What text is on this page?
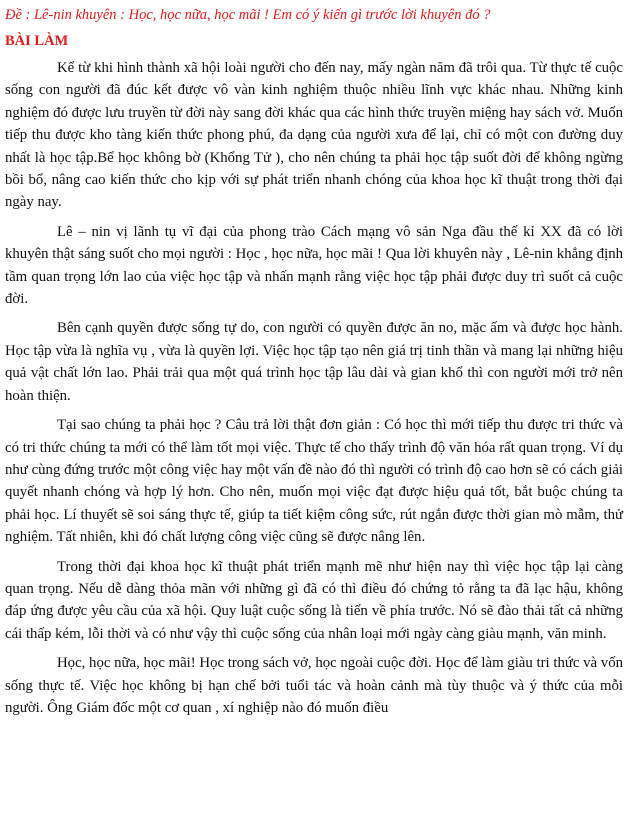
Đề : Lê-nin khuyên : Học, học nữa, học mãi ! Em có ý kiến gì trước lời khuyên đó ?
BÀI LÀM

Kể từ khi hình thành xã hội loài người cho đến nay, mấy ngàn năm đã trôi qua. Từ thực tế cuộc sống con người đã đúc kết được vô vàn kinh nghiệm thuộc nhiều lĩnh vực khác nhau. Những kinh nghiệm đó được lưu truyền từ đời này sang đời khác qua các hình thức truyền miệng hay sách vở. Muốn tiếp thu được kho tàng kiến thức phong phú, đa dạng của người xưa để lại, chỉ có một con đường duy nhất là học tập.Bể học không bờ (Khổng Tử ), cho nên chúng ta phải học tập suốt đời để không ngừng bồi bổ, nâng cao kiến thức cho kịp với sự phát triển nhanh chóng của khoa học kĩ thuật trong thời đại ngày nay.

Lê – nin vị lãnh tụ vĩ đại của phong trào Cách mạng vô sản Nga đầu thế kỉ XX đã có lời khuyên thật sáng suốt cho mọi người : Học , học nữa, học mãi ! Qua lời khuyên này , Lê-nin khẳng định tầm quan trọng lớn lao của việc học tập và nhấn mạnh rằng việc học tập phải được duy trì suốt cả cuộc đời.

Bên cạnh quyền được sống tự do, con người có quyền được ăn no, mặc ấm và được học hành. Học tập vừa là nghĩa vụ , vừa là quyền lợi. Việc học tập tạo nên giá trị tinh thần và mang lại những hiệu quả vật chất lớn lao. Phải trải qua một quá trình học tập lâu dài và gian khổ thì con người mới trở nên hoàn thiện.

Tại sao chúng ta phải học ? Câu trả lời thật đơn giản : Có học thì mới tiếp thu được tri thức và có tri thức chúng ta mới có thể làm tốt mọi việc. Thực tế cho thấy trình độ văn hóa rất quan trọng. Ví dụ như cùng đứng trước một công việc hay một vấn đề nào đó thì người có trình độ cao hơn sẽ có cách giải quyết nhanh chóng và hợp lý hơn. Cho nên, muốn mọi việc đạt được hiệu quả tốt, bắt buộc chúng ta phải học. Lí thuyết sẽ soi sáng thực tế, giúp ta tiết kiệm công sức, rút ngắn được thời gian mò mẫm, thử nghiệm. Tất nhiên, khi đó chất lượng công việc cũng sẽ được nâng lên.

Trong thời đại khoa học kĩ thuật phát triển mạnh mẽ như hiện nay thì việc học tập lại càng quan trọng. Nếu dễ dàng thỏa mãn với những gì đã có thì điều đó chứng tỏ rằng ta đã lạc hậu, không đáp ứng được yêu cầu của xã hội. Quy luật cuộc sống là tiến về phía trước. Nó sẽ đào thải tất cả những cái thấp kém, lỗi thời và có như vậy thì cuộc sống của nhân loại mới ngày càng giàu mạnh, văn minh.

Học, học nữa, học mãi! Học trong sách vở, học ngoài cuộc đời. Học để làm giàu tri thức và vốn sống thực tế. Việc học không bị hạn chế bởi tuổi tác và hoàn cảnh mà tùy thuộc và ý thức của mỗi người. Ông Giám đốc một cơ quan , xí nghiệp nào đó muốn điều
